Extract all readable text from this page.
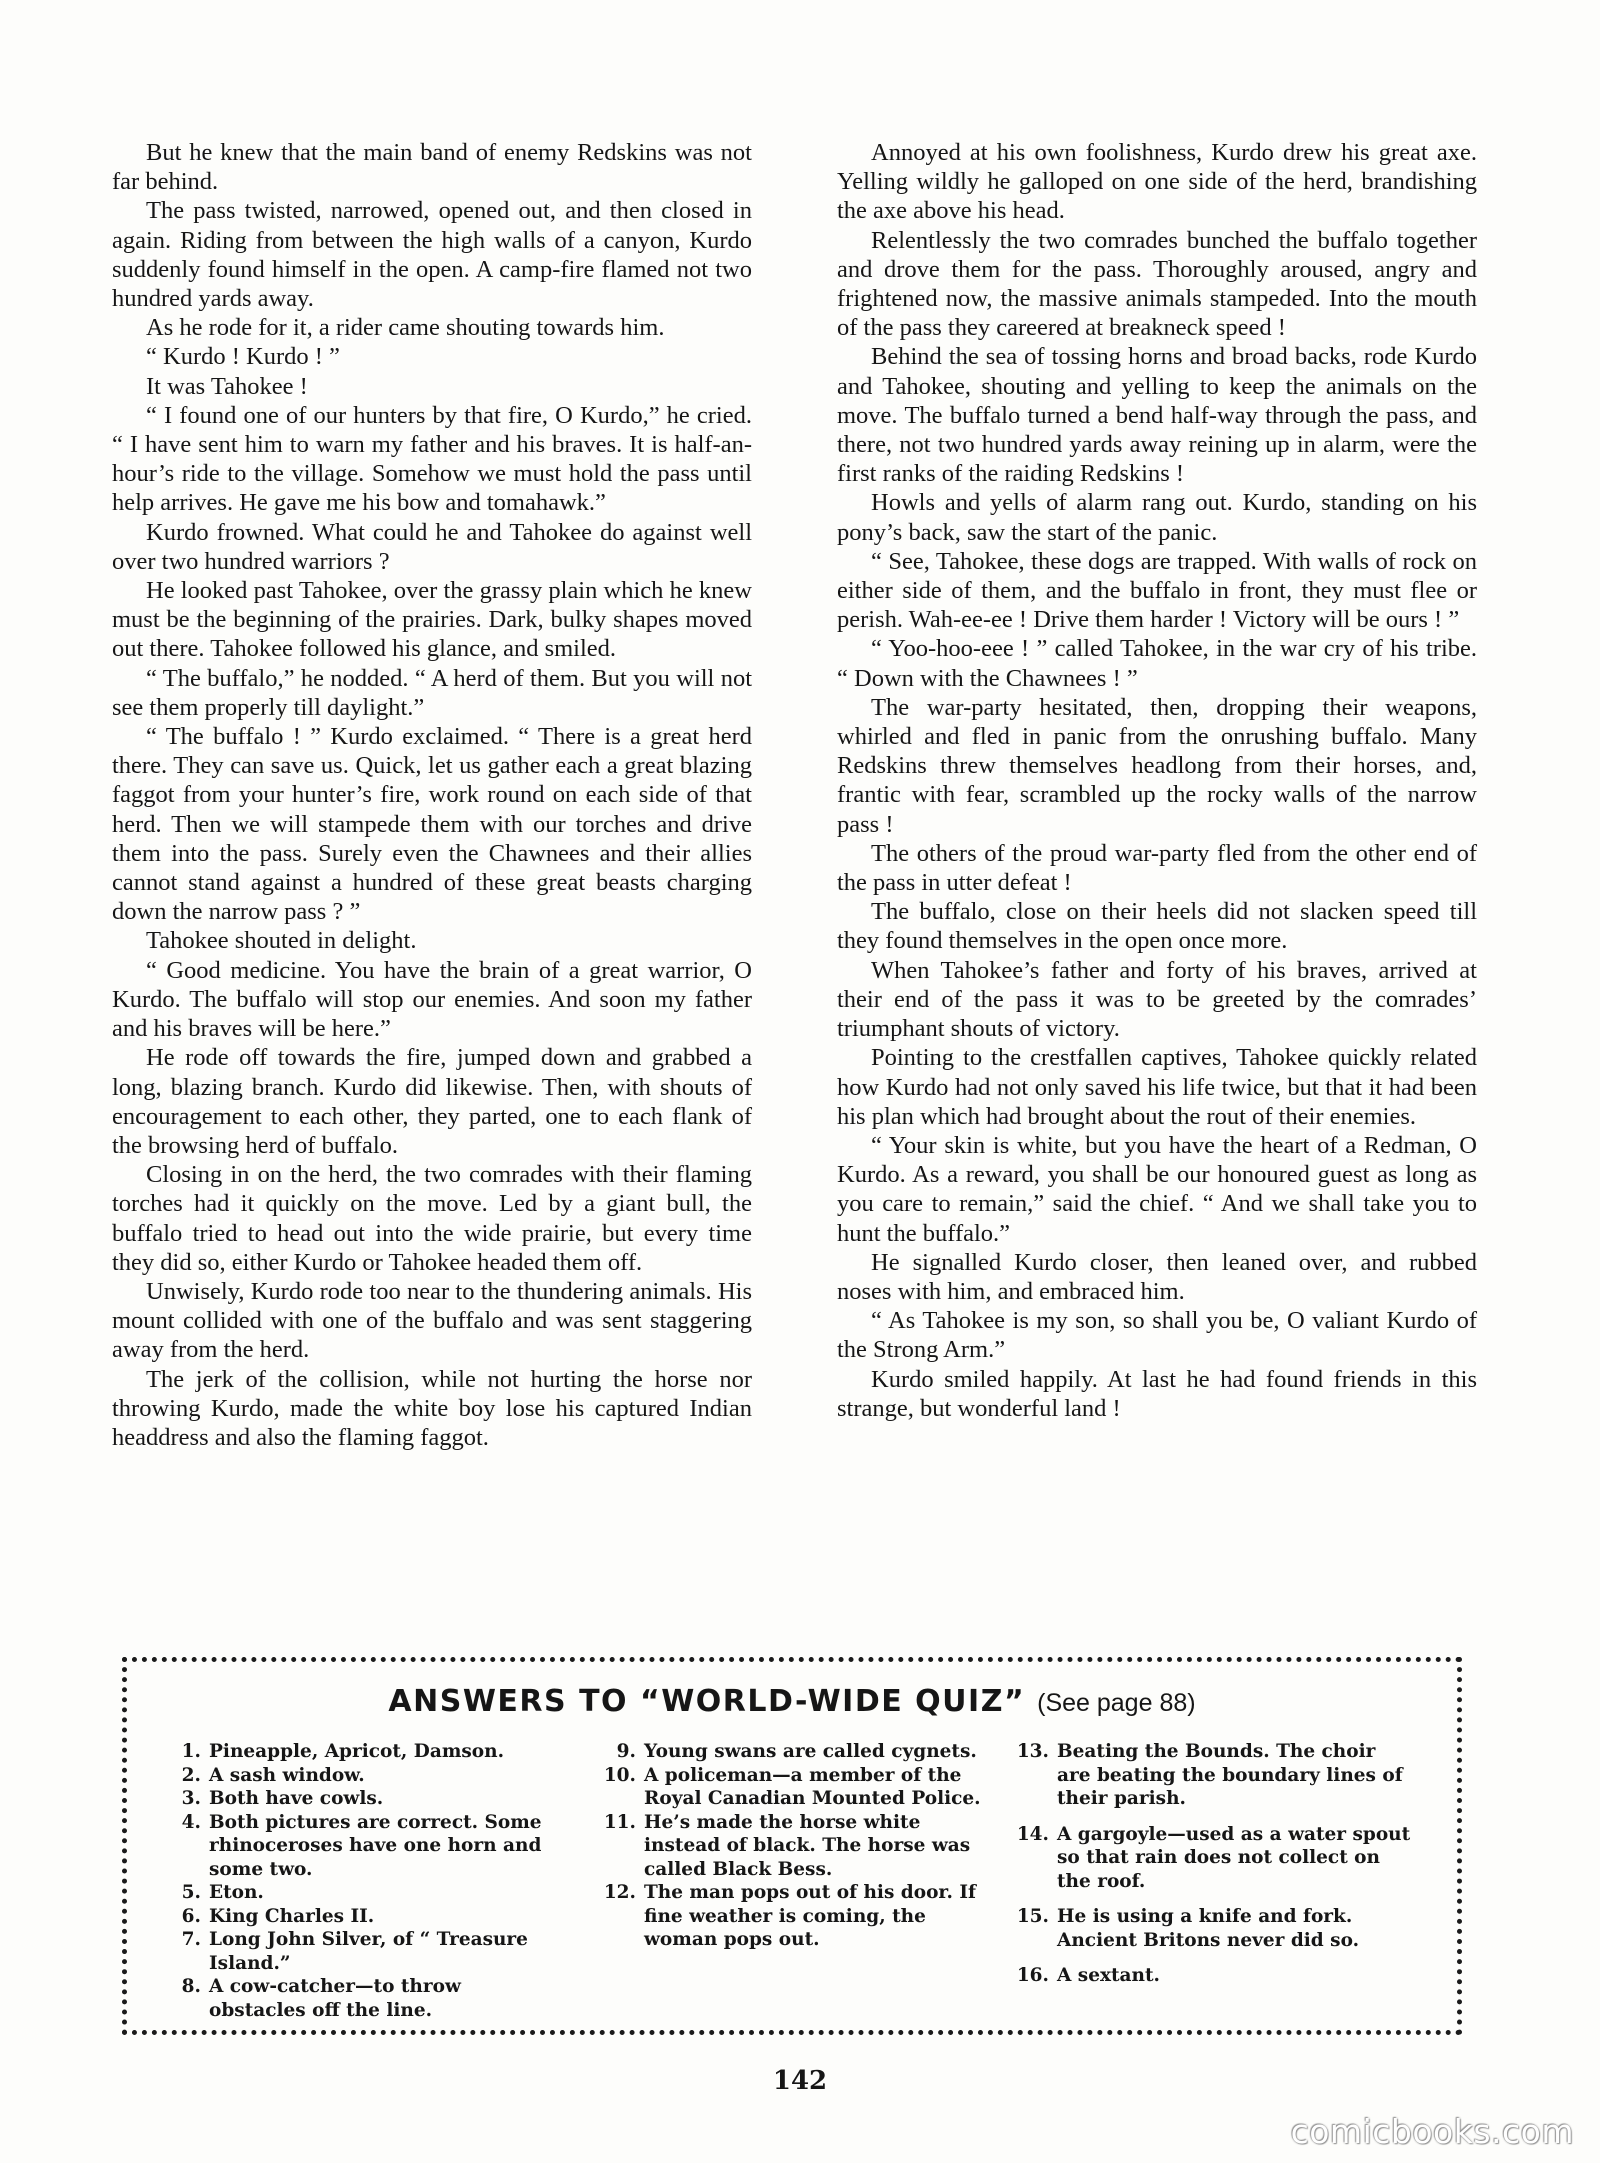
But he knew that the main band of enemy Redskins was not far behind.

The pass twisted, narrowed, opened out, and then closed in again. Riding from between the high walls of a canyon, Kurdo suddenly found himself in the open. A camp-fire flamed not two hundred yards away.

As he rode for it, a rider came shouting towards him.

“ Kurdo ! Kurdo ! ”

It was Tahokee !

“ I found one of our hunters by that fire, O Kurdo,” he cried. “ I have sent him to warn my father and his braves. It is half-an-hour’s ride to the village. Somehow we must hold the pass until help arrives. He gave me his bow and tomahawk.”

Kurdo frowned. What could he and Tahokee do against well over two hundred warriors ?

He looked past Tahokee, over the grassy plain which he knew must be the beginning of the prairies. Dark, bulky shapes moved out there. Tahokee followed his glance, and smiled.

“ The buffalo,” he nodded. “ A herd of them. But you will not see them properly till daylight.”

“ The buffalo ! ” Kurdo exclaimed. “ There is a great herd there. They can save us. Quick, let us gather each a great blazing faggot from your hunter’s fire, work round on each side of that herd. Then we will stampede them with our torches and drive them into the pass. Surely even the Chawnees and their allies cannot stand against a hundred of these great beasts charging down the narrow pass ? ”

Tahokee shouted in delight.

“ Good medicine. You have the brain of a great warrior, O Kurdo. The buffalo will stop our enemies. And soon my father and his braves will be here.”

He rode off towards the fire, jumped down and grabbed a long, blazing branch. Kurdo did likewise. Then, with shouts of encouragement to each other, they parted, one to each flank of the browsing herd of buffalo.

Closing in on the herd, the two comrades with their flaming torches had it quickly on the move. Led by a giant bull, the buffalo tried to head out into the wide prairie, but every time they did so, either Kurdo or Tahokee headed them off.

Unwisely, Kurdo rode too near to the thundering animals. His mount collided with one of the buffalo and was sent staggering away from the herd.

The jerk of the collision, while not hurting the horse nor throwing Kurdo, made the white boy lose his captured Indian headdress and also the flaming faggot.

Annoyed at his own foolishness, Kurdo drew his great axe. Yelling wildly he galloped on one side of the herd, brandishing the axe above his head.

Relentlessly the two comrades bunched the buffalo together and drove them for the pass. Thoroughly aroused, angry and frightened now, the massive animals stampeded. Into the mouth of the pass they careered at breakneck speed !

Behind the sea of tossing horns and broad backs, rode Kurdo and Tahokee, shouting and yelling to keep the animals on the move. The buffalo turned a bend half-way through the pass, and there, not two hundred yards away reining up in alarm, were the first ranks of the raiding Redskins !

Howls and yells of alarm rang out. Kurdo, standing on his pony’s back, saw the start of the panic.

“ See, Tahokee, these dogs are trapped. With walls of rock on either side of them, and the buffalo in front, they must flee or perish. Wah-ee-ee ! Drive them harder ! Victory will be ours ! ”

“ Yoo-hoo-eee ! ” called Tahokee, in the war cry of his tribe. “ Down with the Chawnees ! ”

The war-party hesitated, then, dropping their weapons, whirled and fled in panic from the onrushing buffalo. Many Redskins threw themselves headlong from their horses, and, frantic with fear, scrambled up the rocky walls of the narrow pass !

The others of the proud war-party fled from the other end of the pass in utter defeat !

The buffalo, close on their heels did not slacken speed till they found themselves in the open once more.

When Tahokee’s father and forty of his braves, arrived at their end of the pass it was to be greeted by the comrades’ triumphant shouts of victory.

Pointing to the crestfallen captives, Tahokee quickly related how Kurdo had not only saved his life twice, but that it had been his plan which had brought about the rout of their enemies.

“ Your skin is white, but you have the heart of a Redman, O Kurdo. As a reward, you shall be our honoured guest as long as you care to remain,” said the chief. “ And we shall take you to hunt the buffalo.”

He signalled Kurdo closer, then leaned over, and rubbed noses with him, and embraced him.

“ As Tahokee is my son, so shall you be, O valiant Kurdo of the Strong Arm.”

Kurdo smiled happily. At last he had found friends in this strange, but wonderful land !

ANSWERS TO “WORLD-WIDE QUIZ” (See page 88)
1. Pineapple, Apricot, Damson.
2. A sash window.
3. Both have cowls.
4. Both pictures are correct. Some rhinoceroses have one horn and some two.
5. Eton.
6. King Charles II.
7. Long John Silver, of “ Treasure Island.”
8. A cow-catcher—to throw obstacles off the line.
9. Young swans are called cygnets.
10. A policeman—a member of the Royal Canadian Mounted Police.
11. He’s made the horse white instead of black. The horse was called Black Bess.
12. The man pops out of his door. If fine weather is coming, the woman pops out.
13. Beating the Bounds. The choir are beating the boundary lines of their parish.
14. A gargoyle—used as a water spout so that rain does not collect on the roof.
15. He is using a knife and fork. Ancient Britons never did so.
16. A sextant.
142
comicbooks.com
